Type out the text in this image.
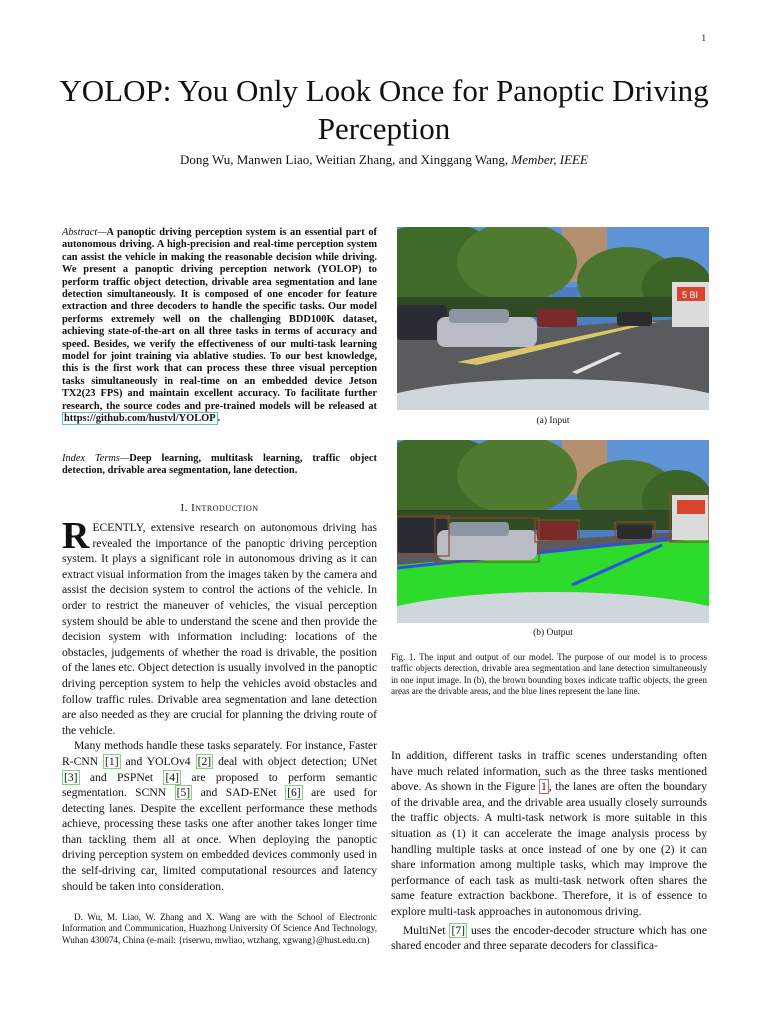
1
YOLOP: You Only Look Once for Panoptic Driving Perception
Dong Wu, Manwen Liao, Weitian Zhang, and Xinggang Wang, Member, IEEE
Abstract—A panoptic driving perception system is an essential part of autonomous driving. A high-precision and real-time perception system can assist the vehicle in making the reasonable decision while driving. We present a panoptic driving perception network (YOLOP) to perform traffic object detection, drivable area segmentation and lane detection simultaneously. It is composed of one encoder for feature extraction and three decoders to handle the specific tasks. Our model performs extremely well on the challenging BDD100K dataset, achieving state-of-the-art on all three tasks in terms of accuracy and speed. Besides, we verify the effectiveness of our multi-task learning model for joint training via ablative studies. To our best knowledge, this is the first work that can process these three visual perception tasks simultaneously in real-time on an embedded device Jetson TX2(23 FPS) and maintain excellent accuracy. To facilitate further research, the source codes and pre-trained models will be released at https://github.com/hustvl/YOLOP .
Index Terms—Deep learning, multitask learning, traffic object detection, drivable area segmentation, lane detection.
I. Introduction

RECENTLY, extensive research on autonomous driving has revealed the importance of the panoptic driving perception system. It plays a significant role in autonomous driving as it can extract visual information from the images taken by the camera and assist the decision system to control the actions of the vehicle. In order to restrict the maneuver of vehicles, the visual perception system should be able to understand the scene and then provide the decision system with information including: locations of the obstacles, judgements of whether the road is drivable, the position of the lanes etc. Object detection is usually involved in the panoptic driving perception system to help the vehicles avoid obstacles and follow traffic rules. Drivable area segmentation and lane detection are also needed as they are crucial for planning the driving route of the vehicle.

Many methods handle these tasks separately. For instance, Faster R-CNN [1] and YOLOv4 [2] deal with object detection; UNet [3] and PSPNet [4] are proposed to perform semantic segmentation. SCNN [5] and SAD-ENet [6] are used for detecting lanes. Despite the excellent performance these methods achieve, processing these tasks one after another takes longer time than tackling them all at once. When deploying the panoptic driving perception system on embedded devices commonly used in the self-driving car, limited computational resources and latency should be taken into consideration.

D. Wu, M. Liao, W. Zhang and X. Wang are with the School of Electronic Information and Communication, Huazhong University Of Science And Technology, Wuhan 430074, China (e-mail: {riserwu, mwliao, wtzhang, xgwang}@hust.edu.cn)

5 BI
(a) Input
(b) Output
Fig. 1. The input and output of our model. The purpose of our model is to process traffic objects detection, drivable area segmentation and lane detection simultaneously in one input image. In (b), the brown bounding boxes indicate traffic objects, the green areas are the drivable areas, and the blue lines represent the lane line.

In addition, different tasks in traffic scenes understanding often have much related information, such as the three tasks mentioned above. As shown in the Figure 1 , the lanes are often the boundary of the drivable area, and the drivable area usually closely surrounds the traffic objects. A multi-task network is more suitable in this situation as (1) it can accelerate the image analysis process by handling multiple tasks at once instead of one by one (2) it can share information among multiple tasks, which may improve the performance of each task as multi-task network often shares the same feature extraction backbone. Therefore, it is of essence to explore multi-task approaches in autonomous driving.

MultiNet [7] uses the encoder-decoder structure which has one shared encoder and three separate decoders for classifica-
